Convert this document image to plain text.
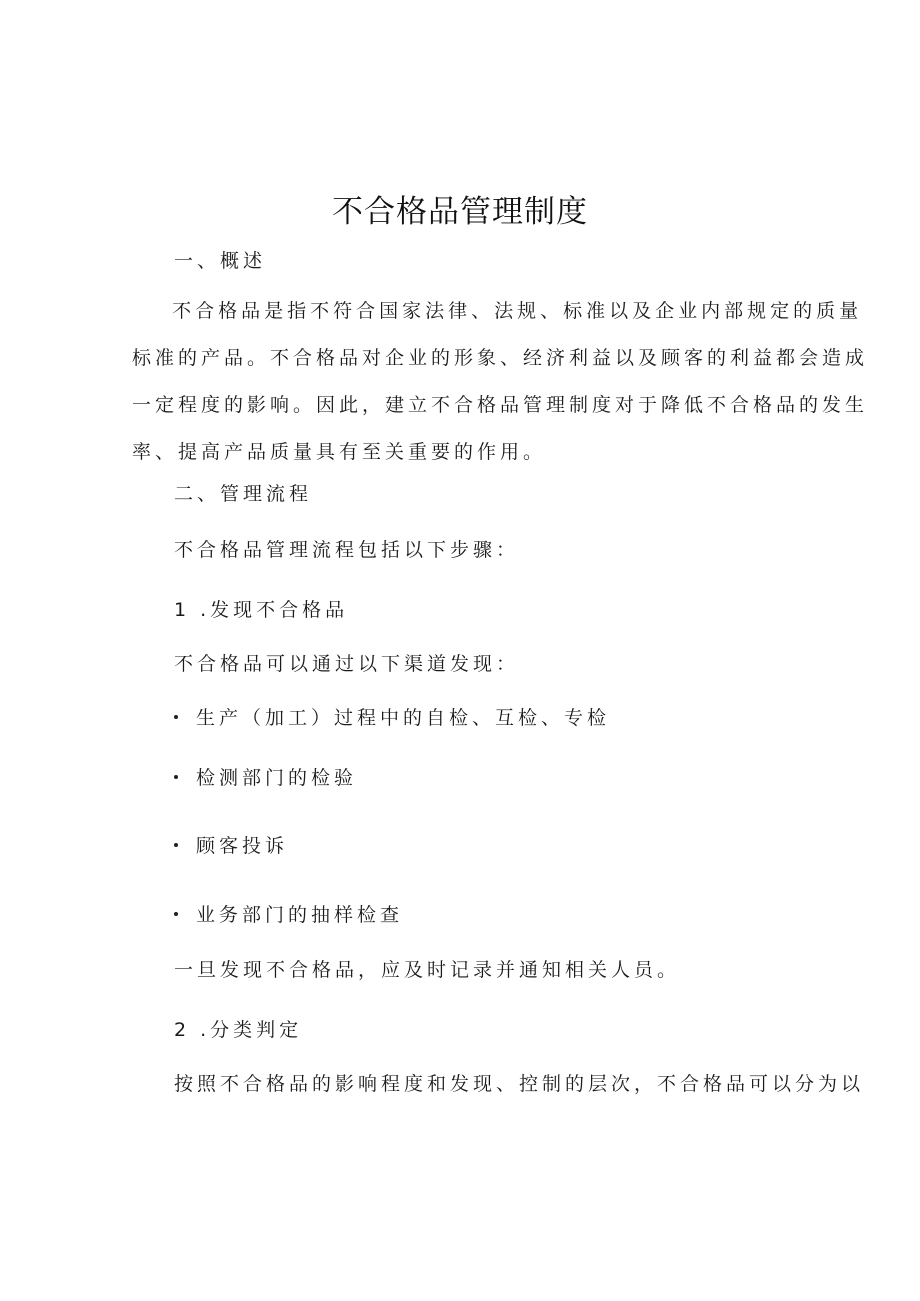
不合格品管理制度

一、概述

不合格品是指不符合国家法律、法规、标准以及企业内部规定的质量
标准的产品。不合格品对企业的形象、经济利益以及顾客的利益都会造成
一定程度的影响。因此，建立不合格品管理制度对于降低不合格品的发生
率、提高产品质量具有至关重要的作用。

二、管理流程

不合格品管理流程包括以下步骤：

1 .发现不合格品

不合格品可以通过以下渠道发现：

生产（加工）过程中的自检、互检、专检

检测部门的检验

顾客投诉

业务部门的抽样检查

一旦发现不合格品，应及时记录并通知相关人员。

2 .分类判定

按照不合格品的影响程度和发现、控制的层次，不合格品可以分为以
